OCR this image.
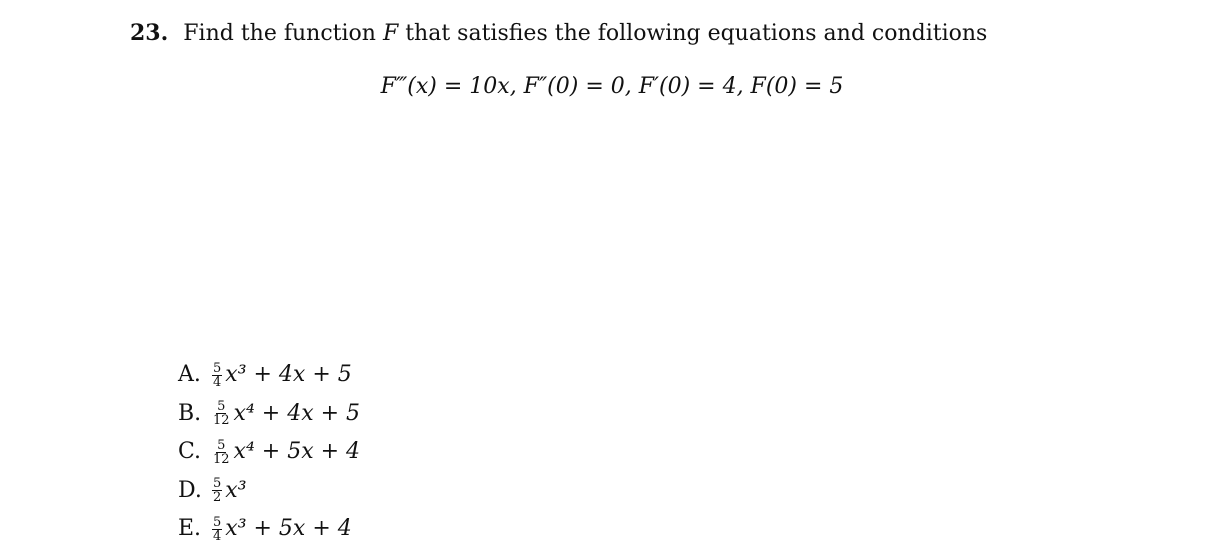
23. Find the function F that satisfies the following equations and conditions
F‴(x) = 10x, F″(0) = 0, F′(0) = 4, F(0) = 5
A. $\frac{5}{4} x^3 + 4x + 5$
B. $\frac{5}{12} x^4 + 4x + 5$
C. $\frac{5}{12} x^4 + 5x + 4$
D. $\frac{5}{2} x^3$
E. $\frac{5}{4} x^3 + 5x + 4$
